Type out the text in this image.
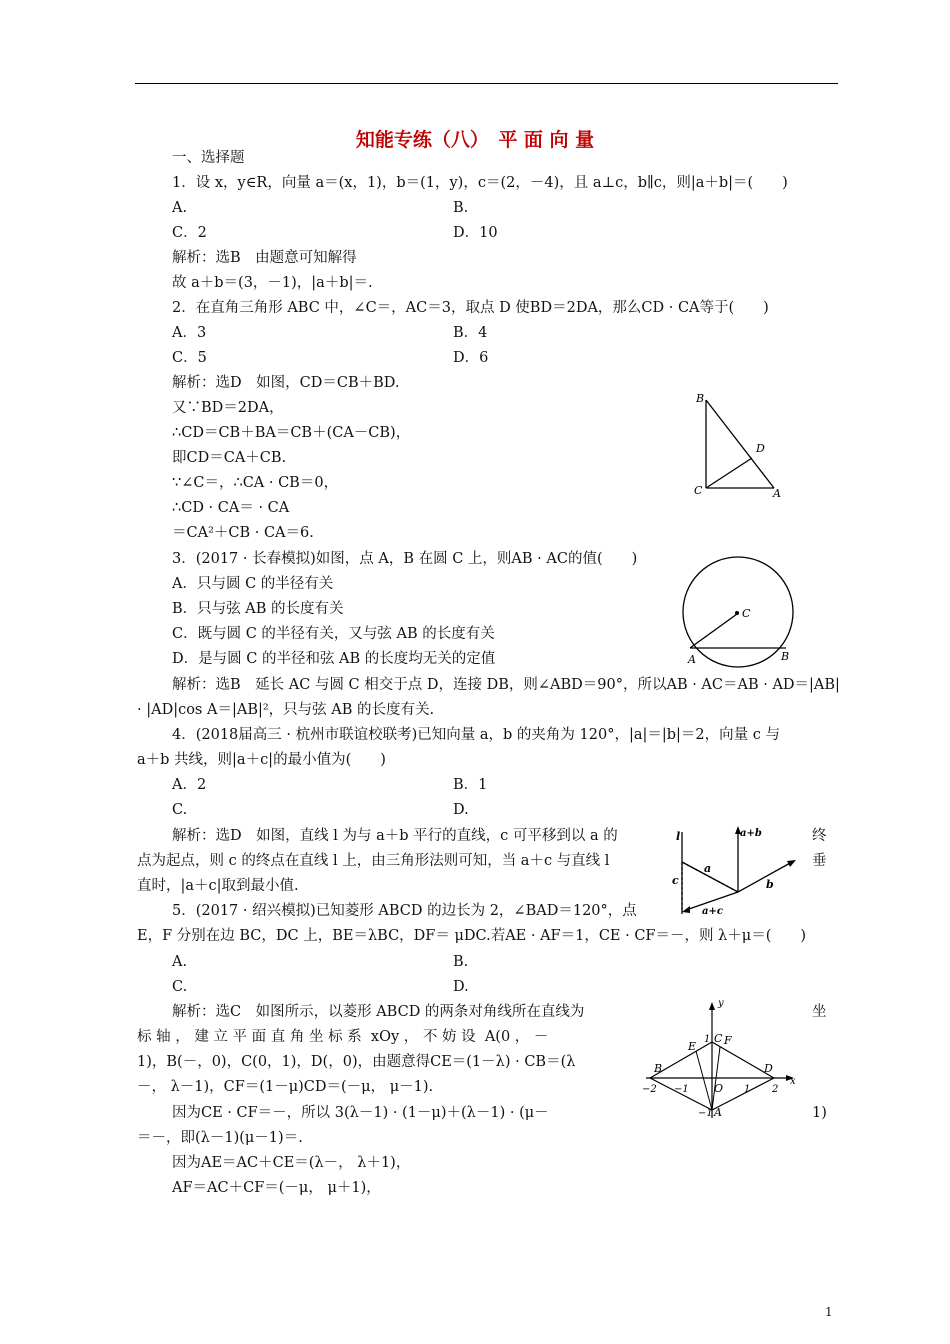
知能专练（八）　平 面 向 量
一、选择题
1．设 x，y∈R，向量 a＝(x，1)，b＝(1，y)，c＝(2，－4)，且 a⊥c，b∥c，则|a＋b|＝(　　)
A.	B.
C．2	D．10
解析：选B　由题意可知解得
故 a＋b＝(3，－1)，|a＋b|＝.
2．在直角三角形 ABC 中，∠C＝，AC＝3，取点 D 使BD＝2DA，那么CD · CA等于(　　)
A．3	B．4
C．5	D．6
解析：选D　如图，CD＝CB＋BD.
又∵BD＝2DA，
∴CD＝CB＋BA＝CB＋(CA－CB)，
即CD＝CA＋CB.
∵∠C＝，∴CA · CB＝0，
∴CD · CA＝ · CA
＝CA²＋CB · CA＝6.
B
C	A
D
3．(2017 · 长春模拟)如图，点 A，B 在圆 C 上，则AB · AC的值(　　)
A．只与圆 C 的半径有关
B．只与弦 AB 的长度有关
C．既与圆 C 的半径有关，又与弦 AB 的长度有关
D．是与圆 C 的半径和弦 AB 的长度均无关的定值
解析：选B　延长 AC 与圆 C 相交于点 D，连接 DB，则∠ABD＝90°，所以AB · AC＝AB · AD＝|AB|
· |AD|cos A＝|AB|²，只与弦 AB 的长度有关.
C
A	B
4．(2018届高三 · 杭州市联谊校联考)已知向量 a，b 的夹角为 120°，|a|＝|b|＝2，向量 c 与
a＋b 共线，则|a＋c|的最小值为(　　)
A．2	B．1
C.	D.
解析：选D　如图，直线 l 为与 a＋b 平行的直线，c 可平移到以 a 的	终
点为起点，则 c 的终点在直线 l 上，由三角形法则可知，当 a＋c 与直线 l	垂
直时，|a＋c|取到最小值.
l	a+b
a
b
c
a+c
5．(2017 · 绍兴模拟)已知菱形 ABCD 的边长为 2，∠BAD＝120°，点
E，F 分别在边 BC，DC 上，BE＝λBC，DF＝ μDC.若AE · AF＝1，CE · CF＝－，则 λ＋μ＝(　　)
A.	B.
C.	D.
解析：选C　如图所示，以菱形 ABCD 的两条对角线所在直线为	坐
标 轴 ， 建 立 平 面 直 角 坐 标 系  xOy ， 不 妨 设  A(0 ， －
1)，B(－，0)，C(0，1)，D(，0)，由题意得CE＝(1－λ) · CB＝(λ
－， λ－1)，CF＝(1－μ)CD＝(－μ， μ－1).
因为CE · CF＝－，所以 3(λ－1) · (1－μ)＋(λ－1) · (μ－	1)
＝－，即(λ－1)(μ－1)＝.
因为AE＝AC＋CE＝(λ－， λ＋1)，
AF＝AC＋CF＝(－μ， μ＋1)，
y
x
B
E
C F
D
O
A
−2 −1	1 2
1
−1
1
